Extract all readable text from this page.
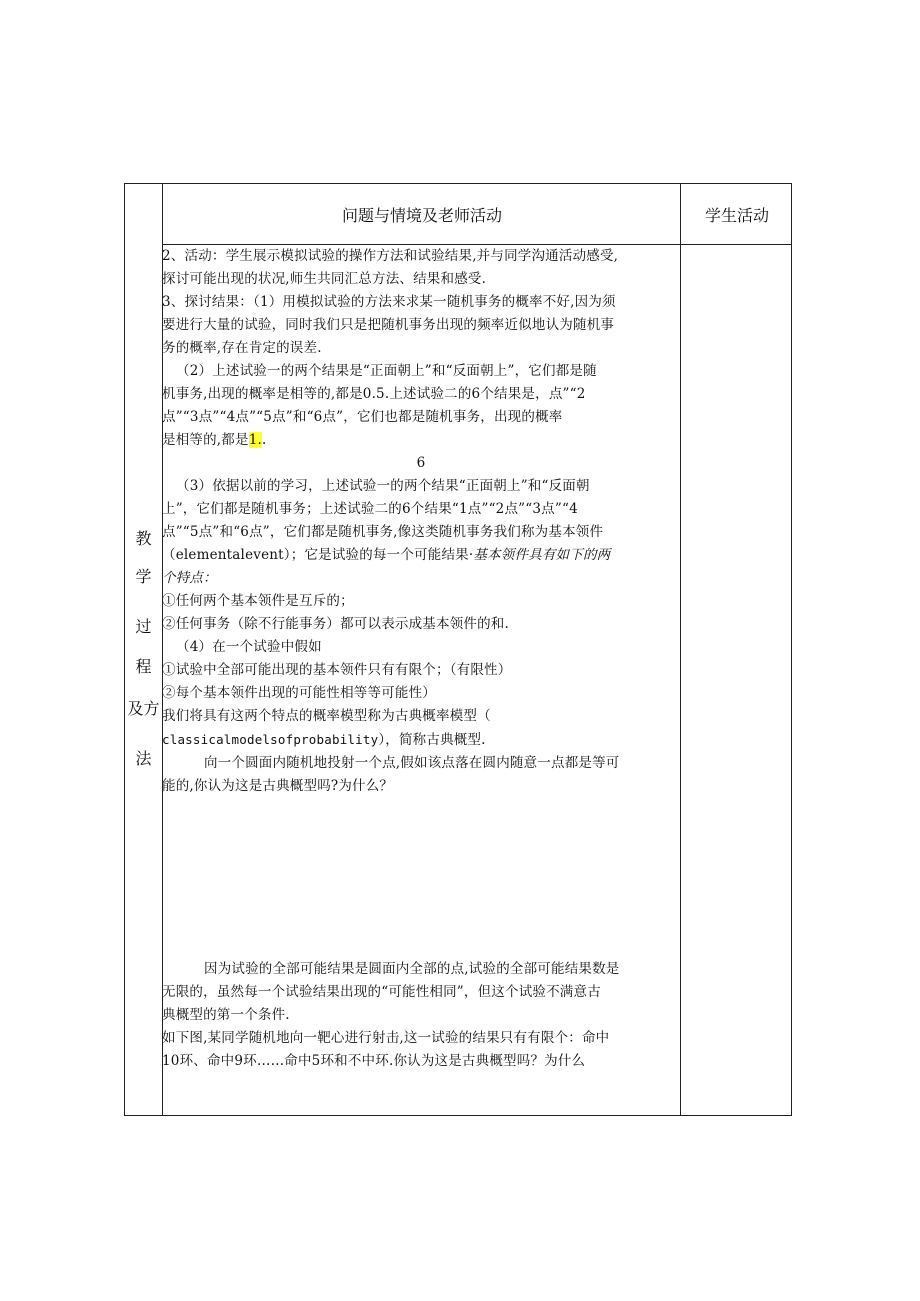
问题与情境及老师活动	学生活动
教
学
过
程
及方
法

2、活动：学生展示模拟试验的操作方法和试验结果,并与同学沟通活动感受,

探讨可能出现的状况,师生共同汇总方法、结果和感受.

3、探讨结果：（1）用模拟试验的方法来求某一随机事务的概率不好,因为须

要进行大量的试验，同时我们只是把随机事务出现的频率近似地认为随机事

务的概率,存在肯定的误差.

（2）上述试验一的两个结果是“正面朝上”和“反面朝上”，它们都是随

机事务,出现的概率是相等的,都是0.5.上述试验二的6个结果是，点”“2

点”“3点”“4点”“5点”和“6点”，它们也都是随机事务，出现的概率

是相等的,都是1..

6

（3）依据以前的学习，上述试验一的两个结果“正面朝上”和“反面朝

上”，它们都是随机事务；上述试验二的6个结果“1点”“2点”“3点”“4

点”“5点”和“6点”，它们都是随机事务,像这类随机事务我们称为基本领件

（elementalevent）；它是试验的每一个可能结果·基本领件具有如下的两

个特点：

①任何两个基本领件是互斥的；

②任何事务（除不行能事务）都可以表示成基本领件的和.

（4）在一个试验中假如

①试验中全部可能出现的基本领件只有有限个；（有限性）

②每个基本领件出现的可能性相等等可能性）

我们将具有这两个特点的概率模型称为古典概率模型（

classicalmodelsofprobability），简称古典概型.

向一个圆面内随机地投射一个点,假如该点落在圆内随意一点都是等可

能的,你认为这是古典概型吗?为什么？

因为试验的全部可能结果是圆面内全部的点,试验的全部可能结果数是

无限的，虽然每一个试验结果出现的“可能性相同”，但这个试验不满意古

典概型的第一个条件.

如下图,某同学随机地向一靶心进行射击,这一试验的结果只有有限个：命中

10环、命中9环……命中5环和不中环.你认为这是古典概型吗？为什么
